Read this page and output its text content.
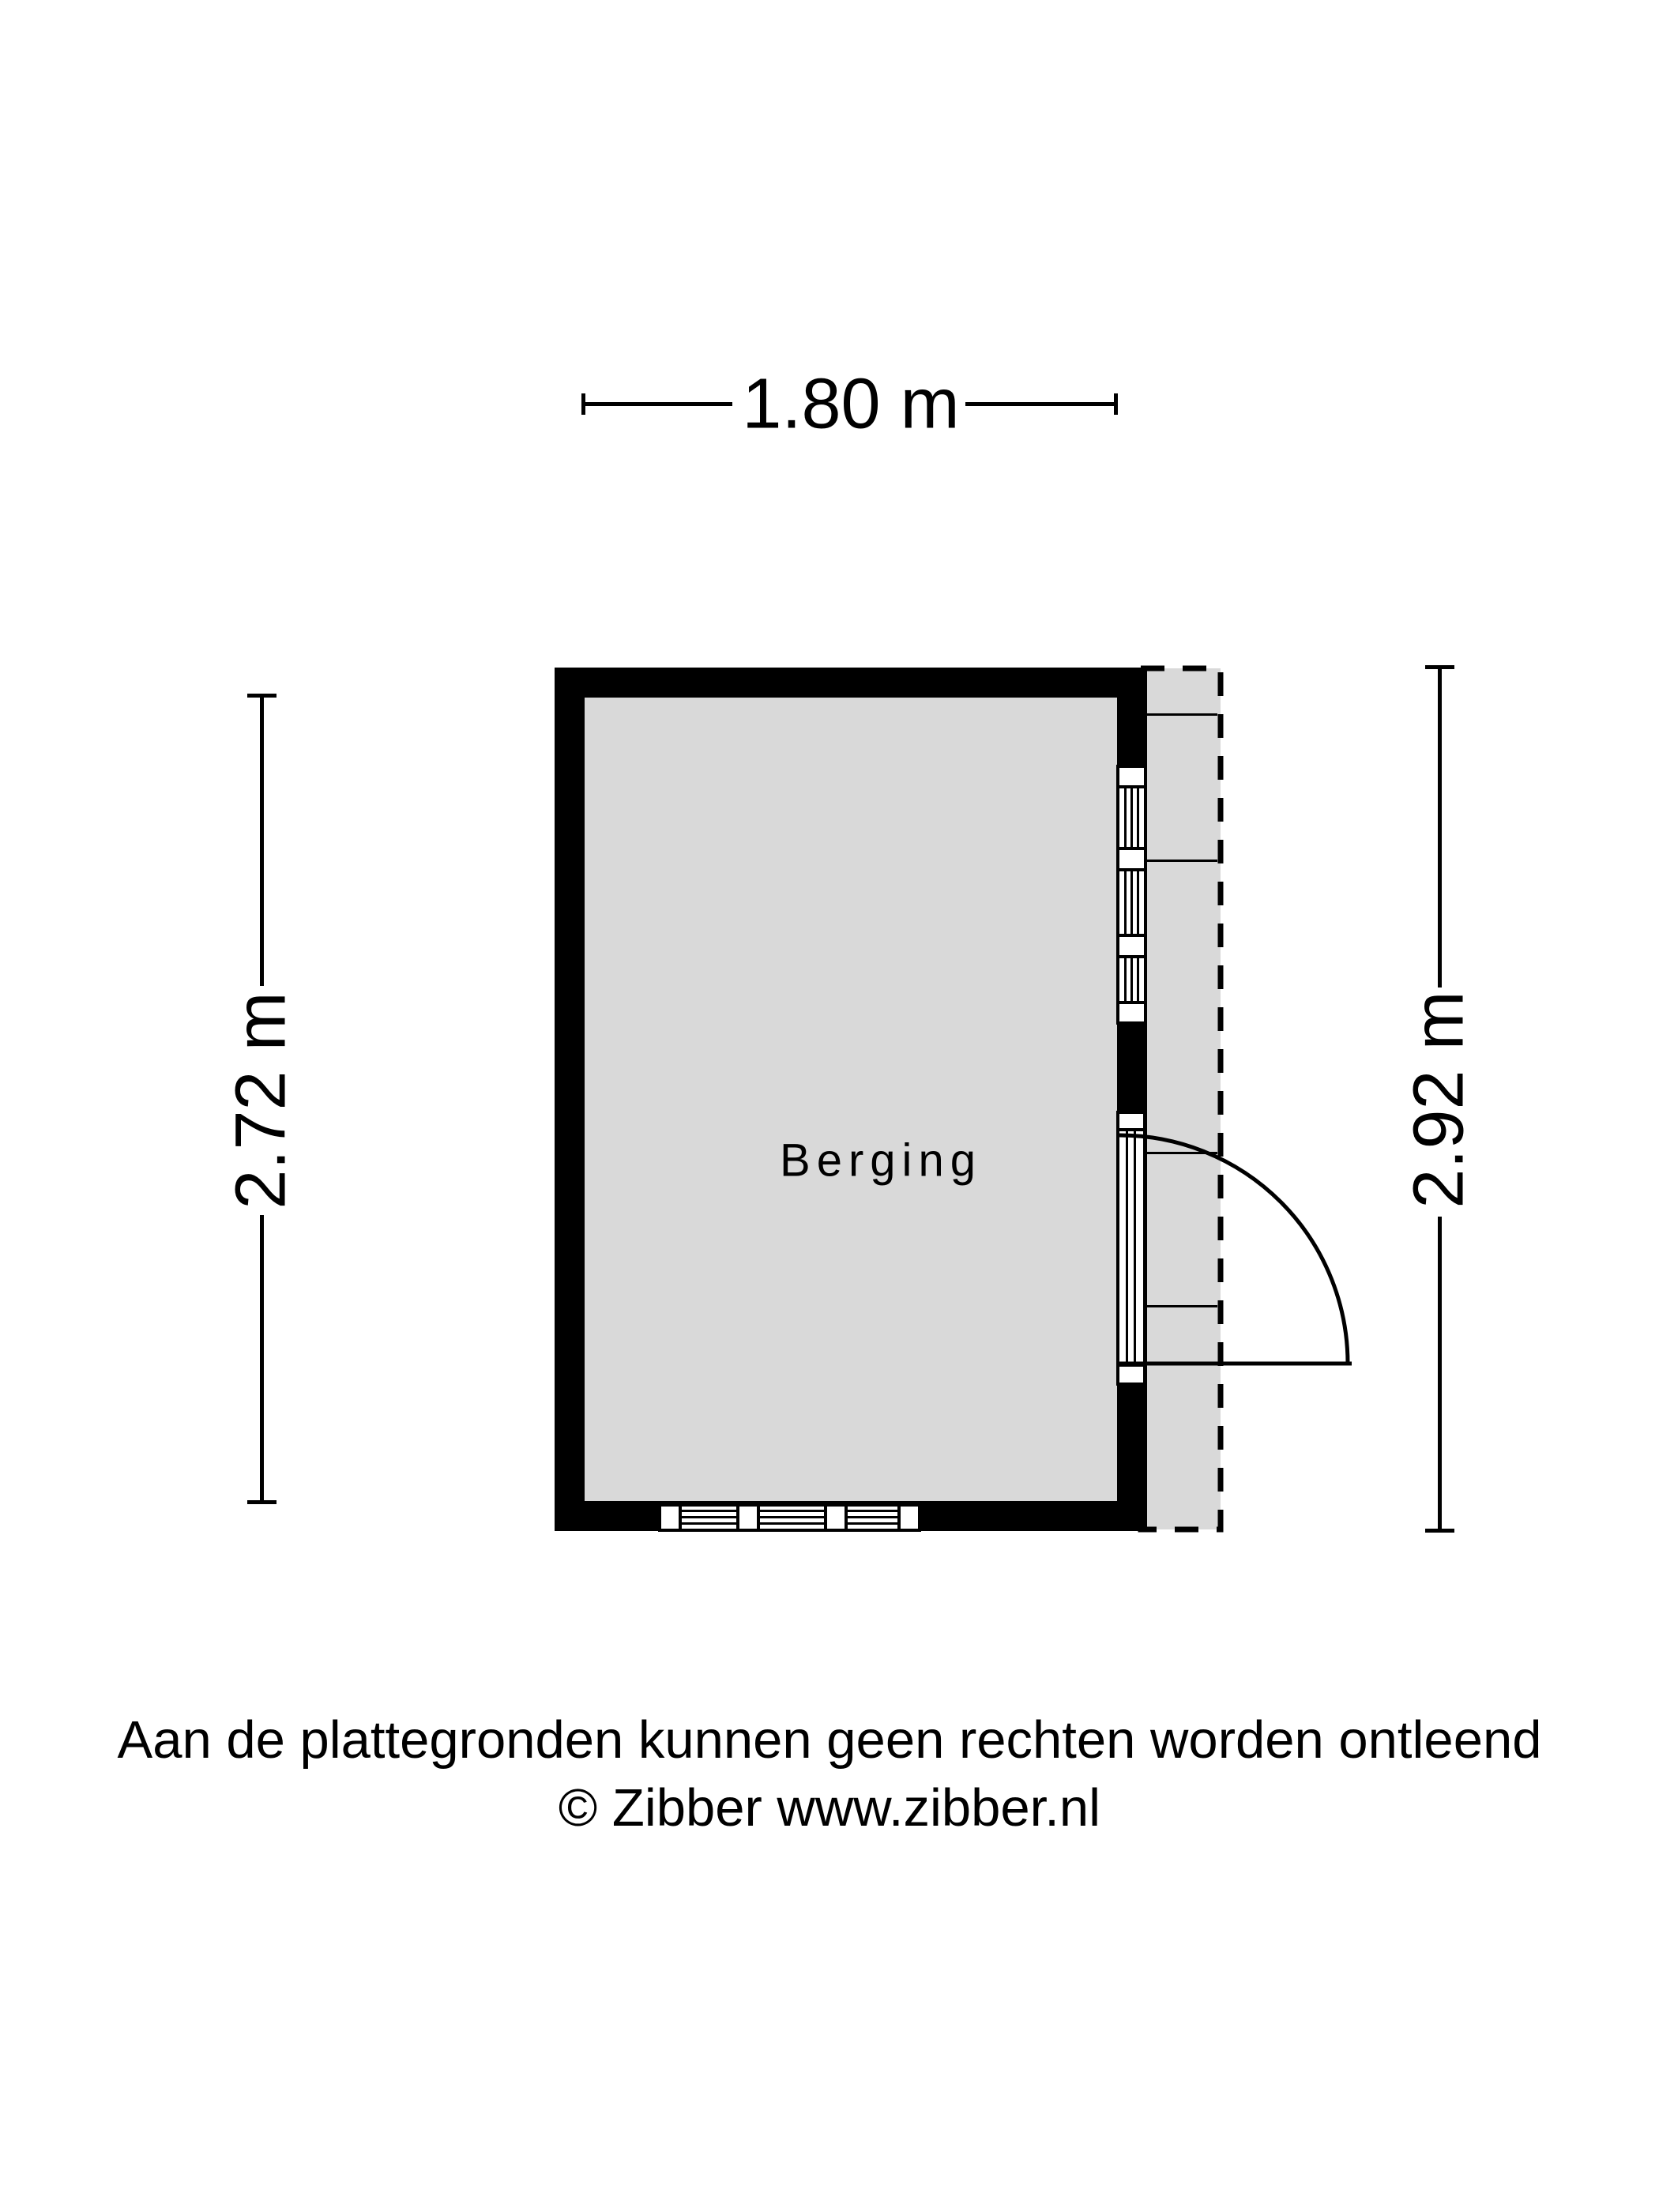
Berging
1.80 m
2.72 m	2.92 m
Aan de plattegronden kunnen geen rechten worden ontleend
© Zibber www.zibber.nl
